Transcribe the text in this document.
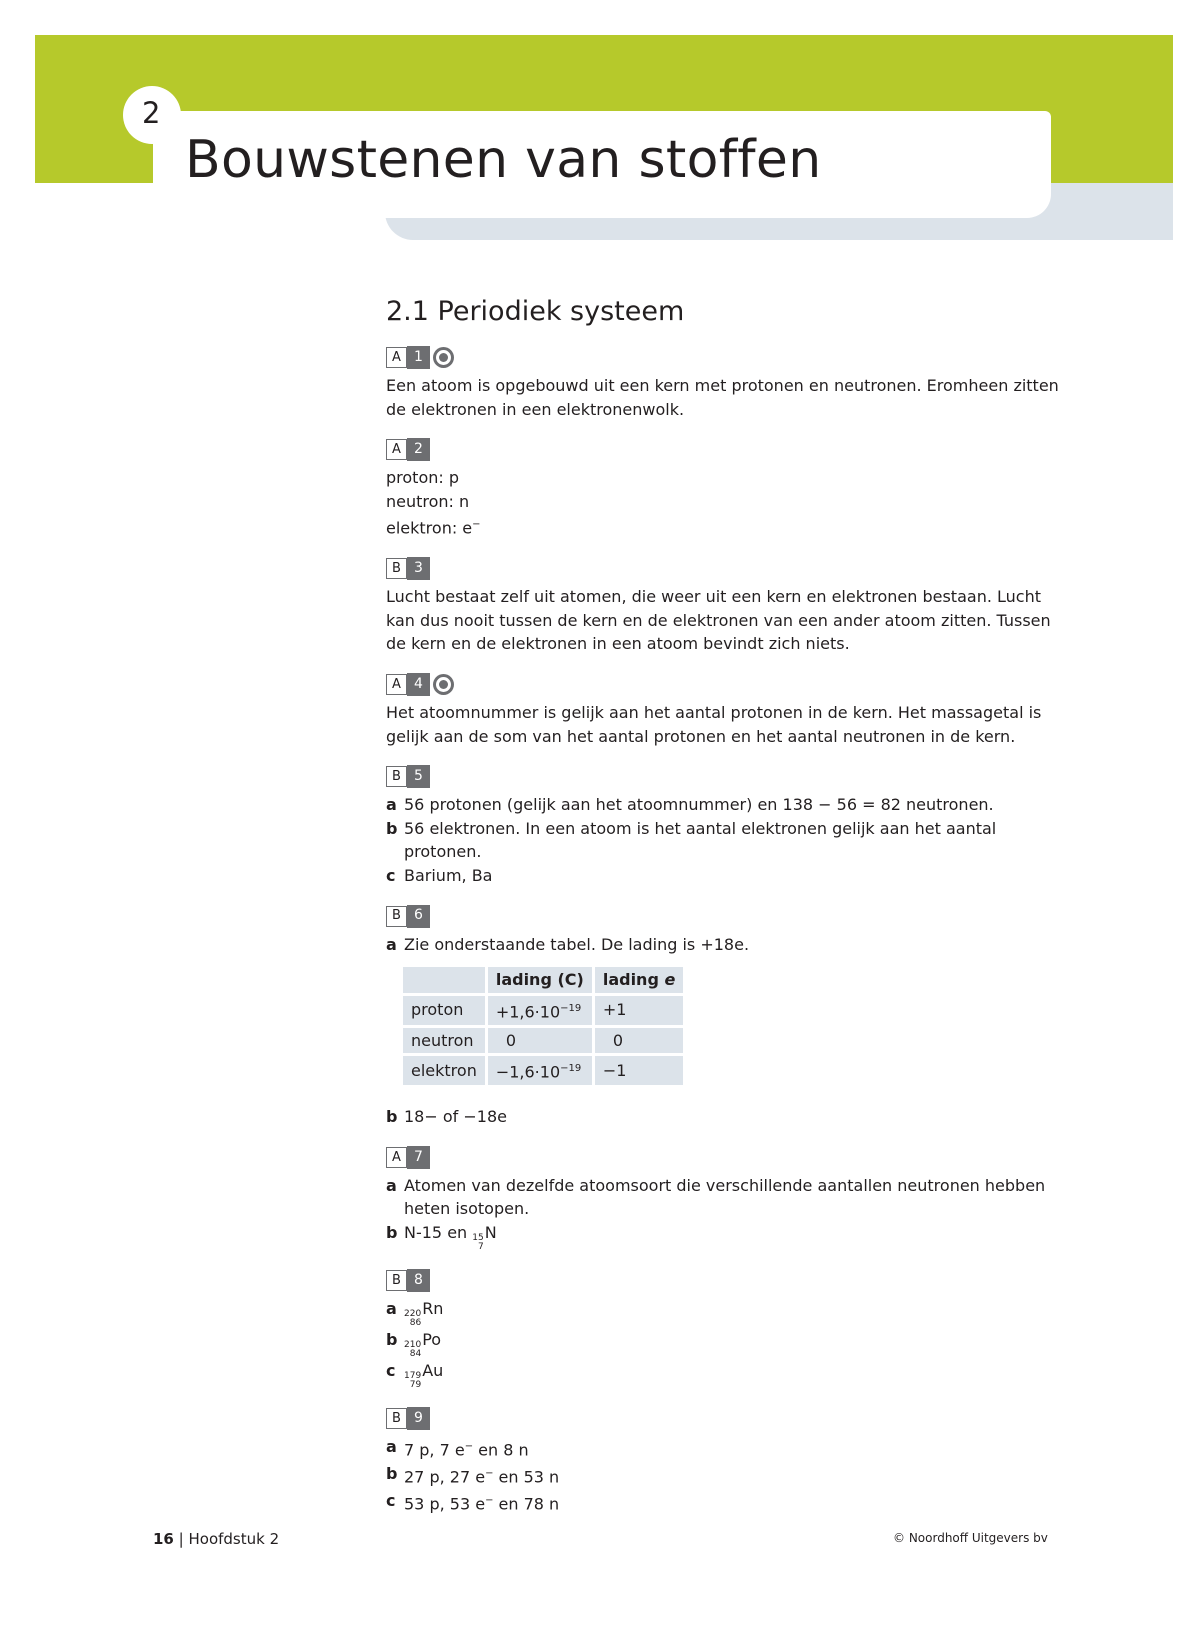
2
Bouwstenen van stoffen
2.1 Periodiek systeem
A 1
Een atoom is opgebouwd uit een kern met protonen en neutronen. Eromheen zitten de elektronen in een elektronenwolk.
A 2
proton: p
neutron: n
elektron: e−
B 3
Lucht bestaat zelf uit atomen, die weer uit een kern en elektronen bestaan. Lucht kan dus nooit tussen de kern en de elektronen van een ander atoom zitten. Tussen de kern en de elektronen in een atoom bevindt zich niets.
A 4
Het atoomnummer is gelijk aan het aantal protonen in de kern. Het massagetal is gelijk aan de som van het aantal protonen en het aantal neutronen in de kern.
B 5
a 56 protonen (gelijk aan het atoomnummer) en 138 − 56 = 82 neutronen.
b 56 elektronen. In een atoom is het aantal elektronen gelijk aan het aantal protonen.
c Barium, Ba
B 6
a Zie onderstaande tabel. De lading is +18e.
	lading (C)	lading e
proton	$+1,6\cdot 10^{-19}$	+1
neutron	0	0
elektron	$-1,6\cdot 10^{-19}$	−1
b 18− of −18e
A 7
a Atomen van dezelfde atoomsoort die verschillende aantallen neutronen hebben heten isotopen.
b N-15 en 15
7
N
B 8
a 220
86
Rn
b 210
84
Po
c 179
79
Au
B 9
a 7 p, 7 e− en 8 n
b 27 p, 27 e− en 53 n
c 53 p, 53 e− en 78 n
16 | Hoofdstuk 2	© Noordhoff Uitgevers bv
